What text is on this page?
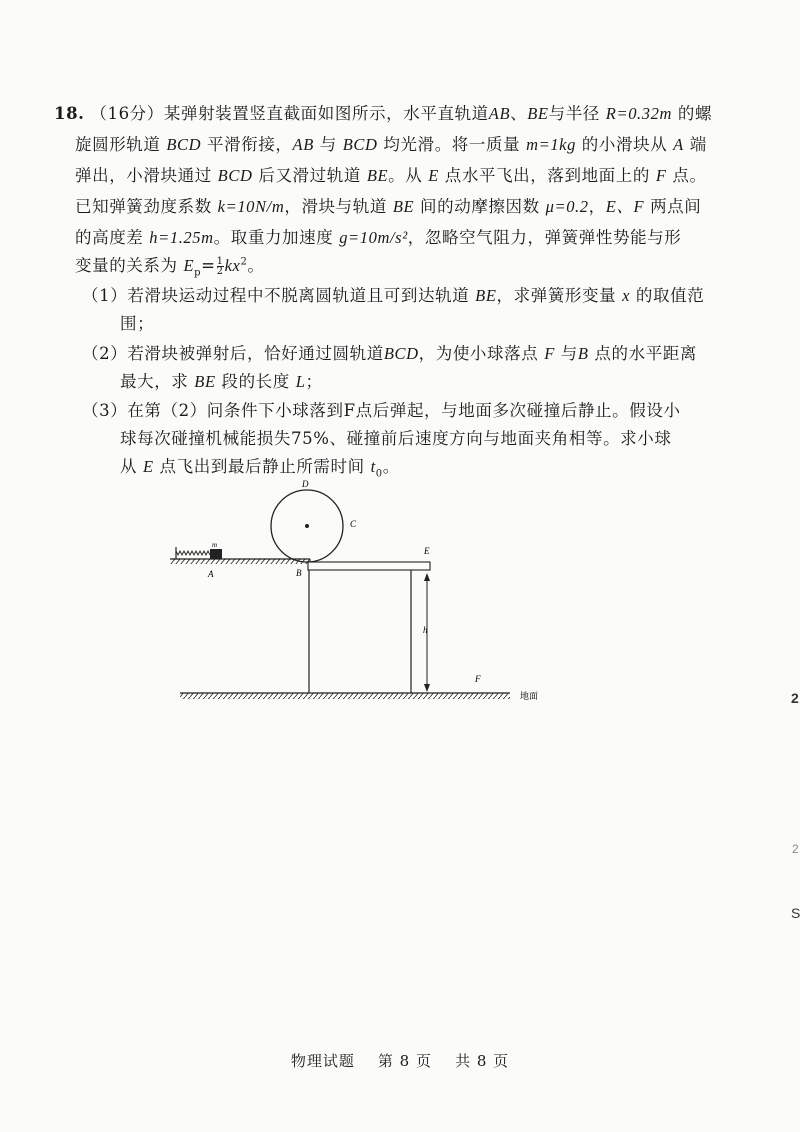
18. （16分）某弹射装置竖直截面如图所示，水平直轨道AB、BE与半径 R=0.32m 的螺
旋圆形轨道 BCD 平滑衔接，AB 与 BCD 均光滑。将一质量 m=1kg 的小滑块从 A 端
弹出，小滑块通过 BCD 后又滑过轨道 BE。从 E 点水平飞出，落到地面上的 F 点。
已知弹簧劲度系数 k=10N/m，滑块与轨道 BE 间的动摩擦因数 μ=0.2，E、F 两点间
的高度差 h=1.25m。取重力加速度 g=10m/s²，忽略空气阻力，弹簧弹性势能与形
变量的关系为 $E_p= \frac{1}{2} kx^2$。
（1）若滑块运动过程中不脱离圆轨道且可到达轨道 BE，求弹簧形变量 x 的取值范
围；
（2）若滑块被弹射后，恰好通过圆轨道BCD，为使小球落点 F 与B 点的水平距离
最大，求 BE 段的长度 L；
（3）在第（2）问条件下小球落到F点后弹起，与地面多次碰撞后静止。假设小
球每次碰撞机械能损失75%、碰撞前后速度方向与地面夹角相等。求小球
从 E 点飞出到最后静止所需时间 $t_0$。
m
D
C
B
A
E
h
F
地面
物理试题 第 8 页 共 8 页
2
2
S
